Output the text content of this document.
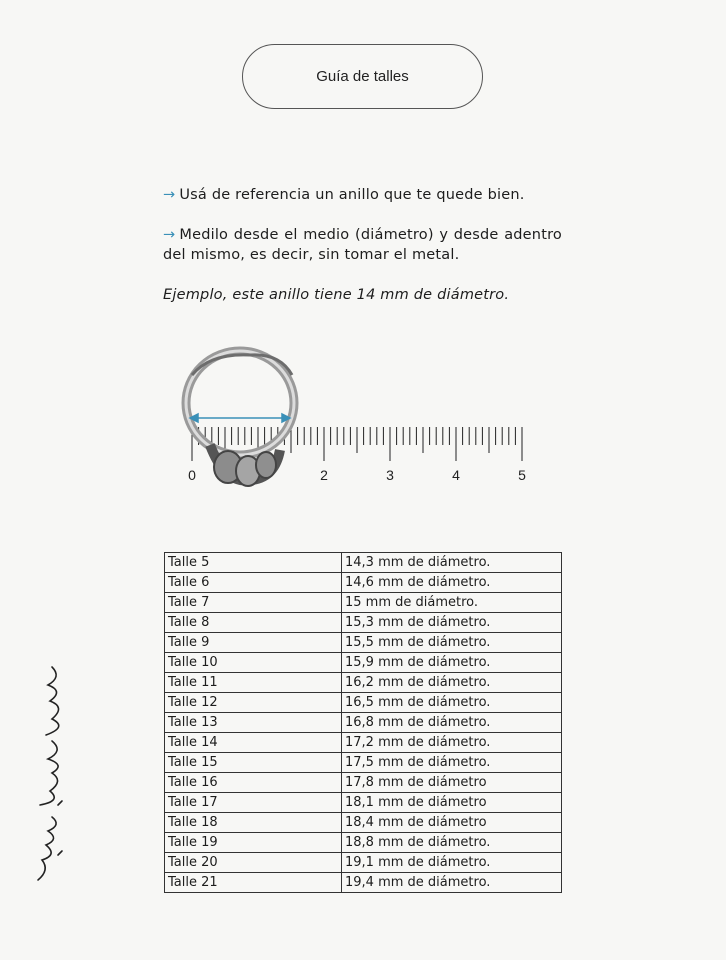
Guía de talles
→ Usá de referencia un anillo que te quede bien.
→ Medilo desde el medio (diámetro) y desde adentro del mismo, es decir, sin tomar el metal.
Ejemplo, este anillo tiene 14 mm de diámetro.
0	2	3	4	5
Talle 5	14,3 mm de diámetro.
Talle 6	14,6 mm de diámetro.
Talle 7	15 mm de diámetro.
Talle 8	15,3 mm de diámetro.
Talle 9	15,5 mm de diámetro.
Talle 10	15,9 mm de diámetro.
Talle 11	16,2 mm de diámetro.
Talle 12	16,5 mm de diámetro.
Talle 13	16,8 mm de diámetro.
Talle 14	17,2 mm de diámetro.
Talle 15	17,5 mm de diámetro.
Talle 16	17,8 mm de diámetro
Talle 17	18,1 mm de diámetro
Talle 18	18,4 mm de diámetro
Talle 19	18,8 mm de diámetro.
Talle 20	19,1 mm de diámetro.
Talle 21	19,4 mm de diámetro.
